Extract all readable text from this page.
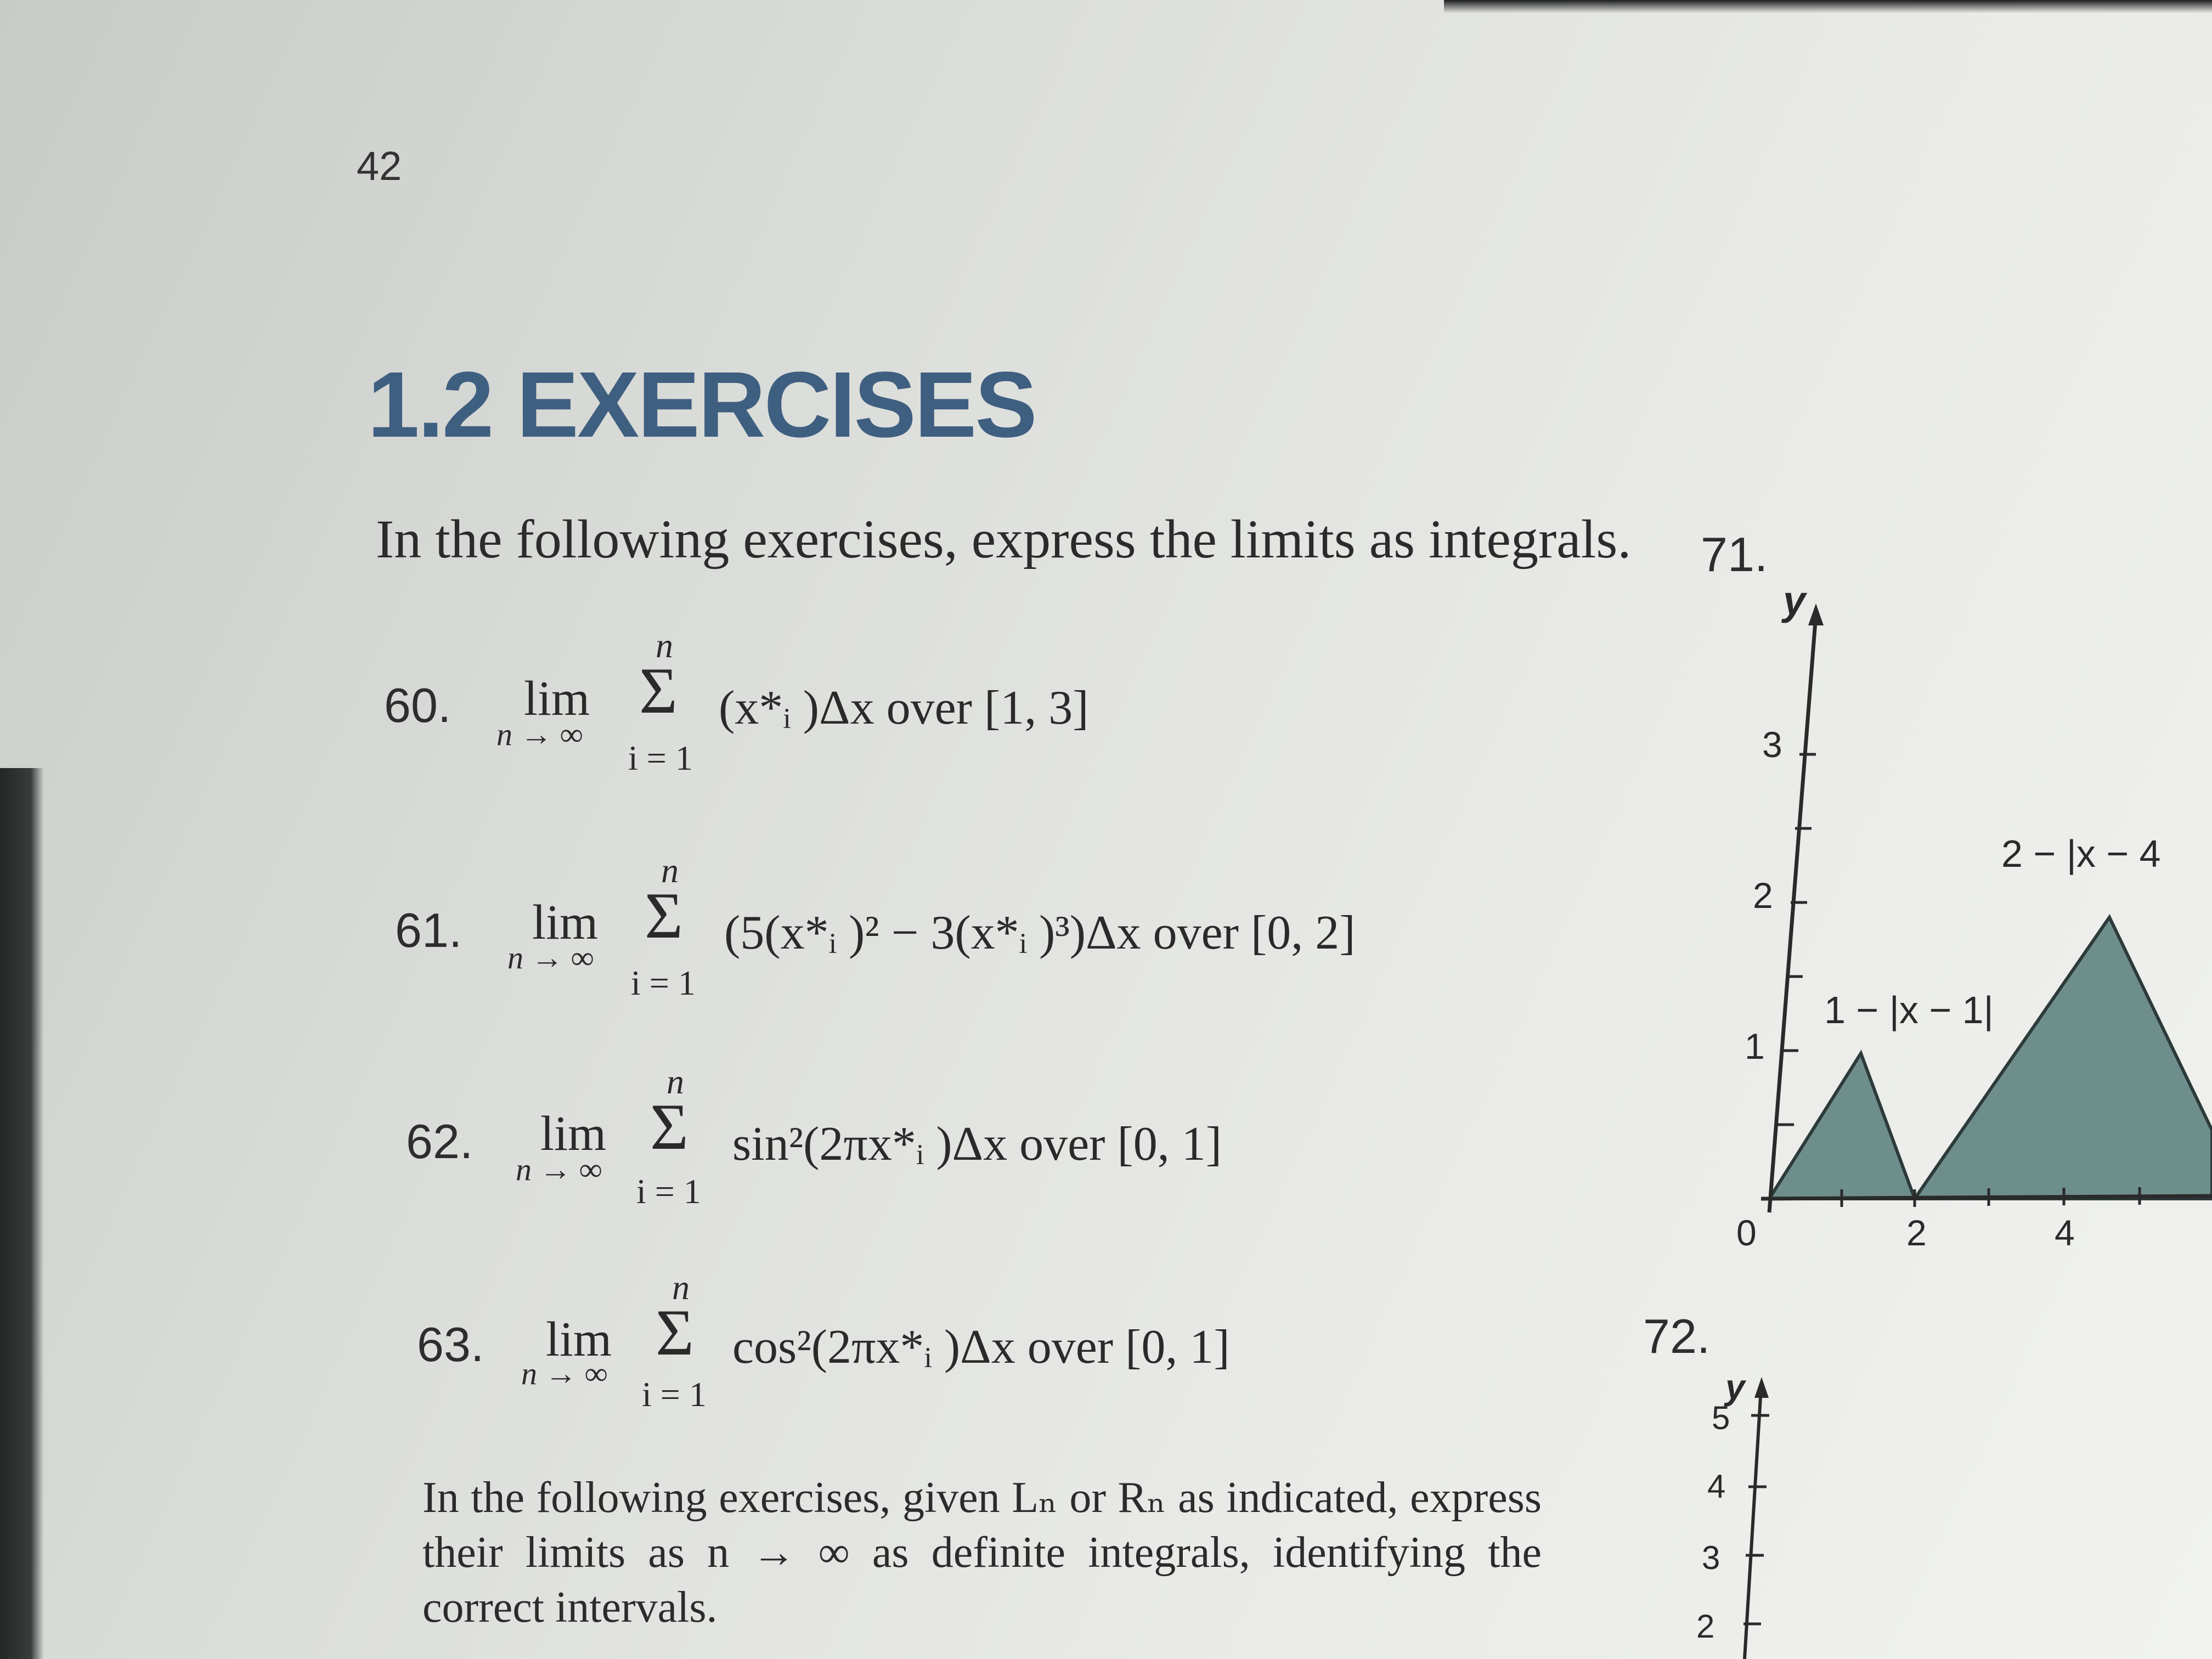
42
1.2 EXERCISES
In the following exercises, express the limits as integrals.
60. lim
n → ∞
n
Σ
i = 1
(x*ᵢ )Δx over [1, 3]
61. lim
n → ∞
n
Σ
i = 1
(5(x*ᵢ )² − 3(x*ᵢ )³)Δx over [0, 2]
62. lim
n → ∞
n
Σ
i = 1
sin²(2πx*ᵢ )Δx over [0, 1]
63. lim
n → ∞
n
Σ
i = 1
cos²(2πx*ᵢ )Δx over [0, 1]
In the following exercises, given Lₙ or Rₙ as indicated, express their limits as n → ∞ as definite integrals, identifying the correct intervals.
71.
y
1
2
3
0	2	4
1 − |x − 1|
2 − |x − 4
72.
y
5
4
3
2
